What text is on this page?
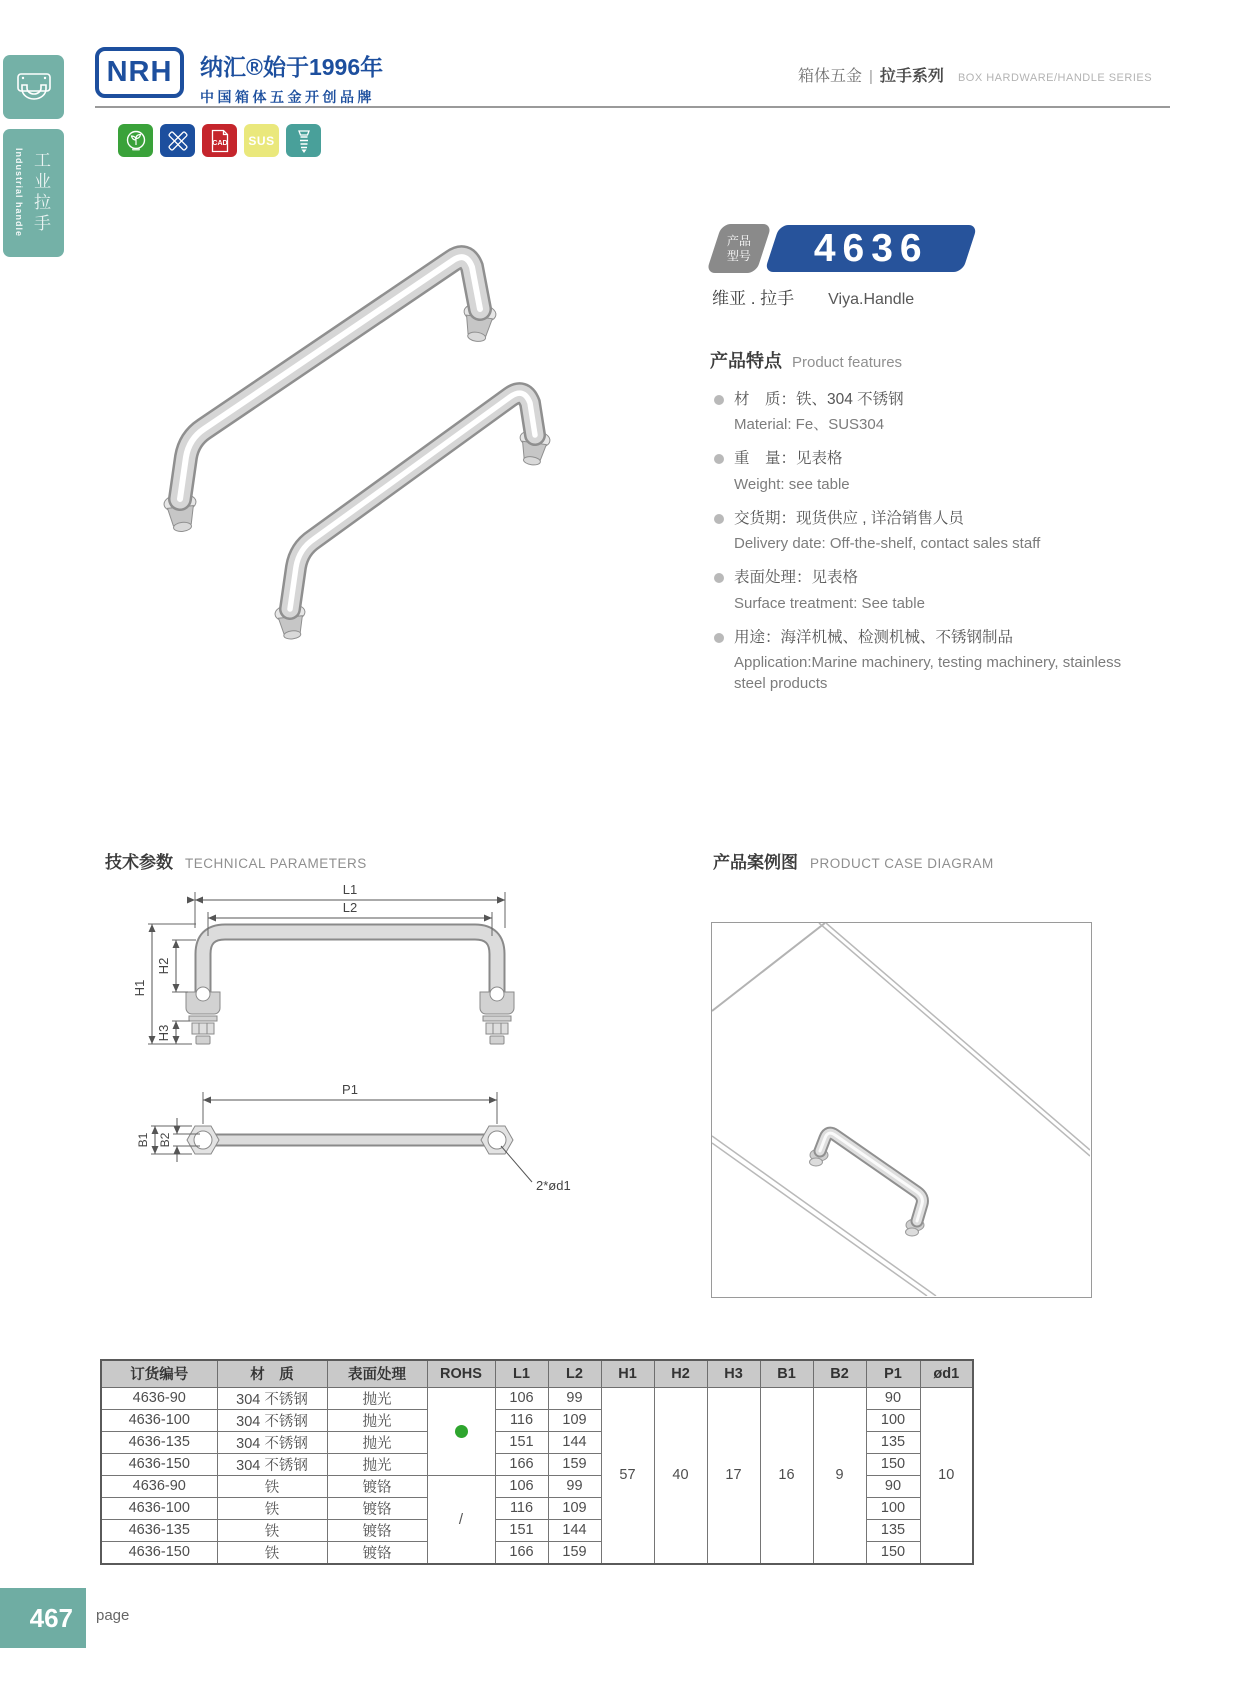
Industrial handle 工业拉手
NRH 纳汇®始于1996年
中国箱体五金开创品牌
箱体五金 | 拉手系列 BOX HARDWARE/HANDLE SERIES
CAD SUS
产品
型号 4636
维亚 . 拉手 Viya.Handle
产品特点 Product features
材　质：铁、304 不锈钢
Material: Fe、SUS304
重　量：见表格
Weight: see table
交货期：现货供应 , 详洽销售人员
Delivery date: Off-the-shelf, contact sales staff
表面处理：见表格
Surface treatment: See table
用途：海洋机械、检测机械、不锈钢制品
Application:Marine machinery, testing machinery, stainless steel products
技术参数 TECHNICAL PARAMETERS	产品案例图 PRODUCT CASE DIAGRAM
L1
L2
H1
H2
H3
P1
B1 B2
2*ød1
订货编号	材　质	表面处理	ROHS	L1	L2	H1	H2	H3	B1	B2	P1	ød1
4636-90	304 不锈钢	抛光		106	99	57	40	17	16	9	90	10
4636-100	304 不锈钢	抛光		116	109						100	
4636-135	304 不锈钢	抛光		151	144						135	
4636-150	304 不锈钢	抛光		166	159						150	
4636-90	铁	镀铬	/	106	99						90	
4636-100	铁	镀铬		116	109						100	
4636-135	铁	镀铬		151	144						135	
4636-150	铁	镀铬		166	159						150	
467 page
